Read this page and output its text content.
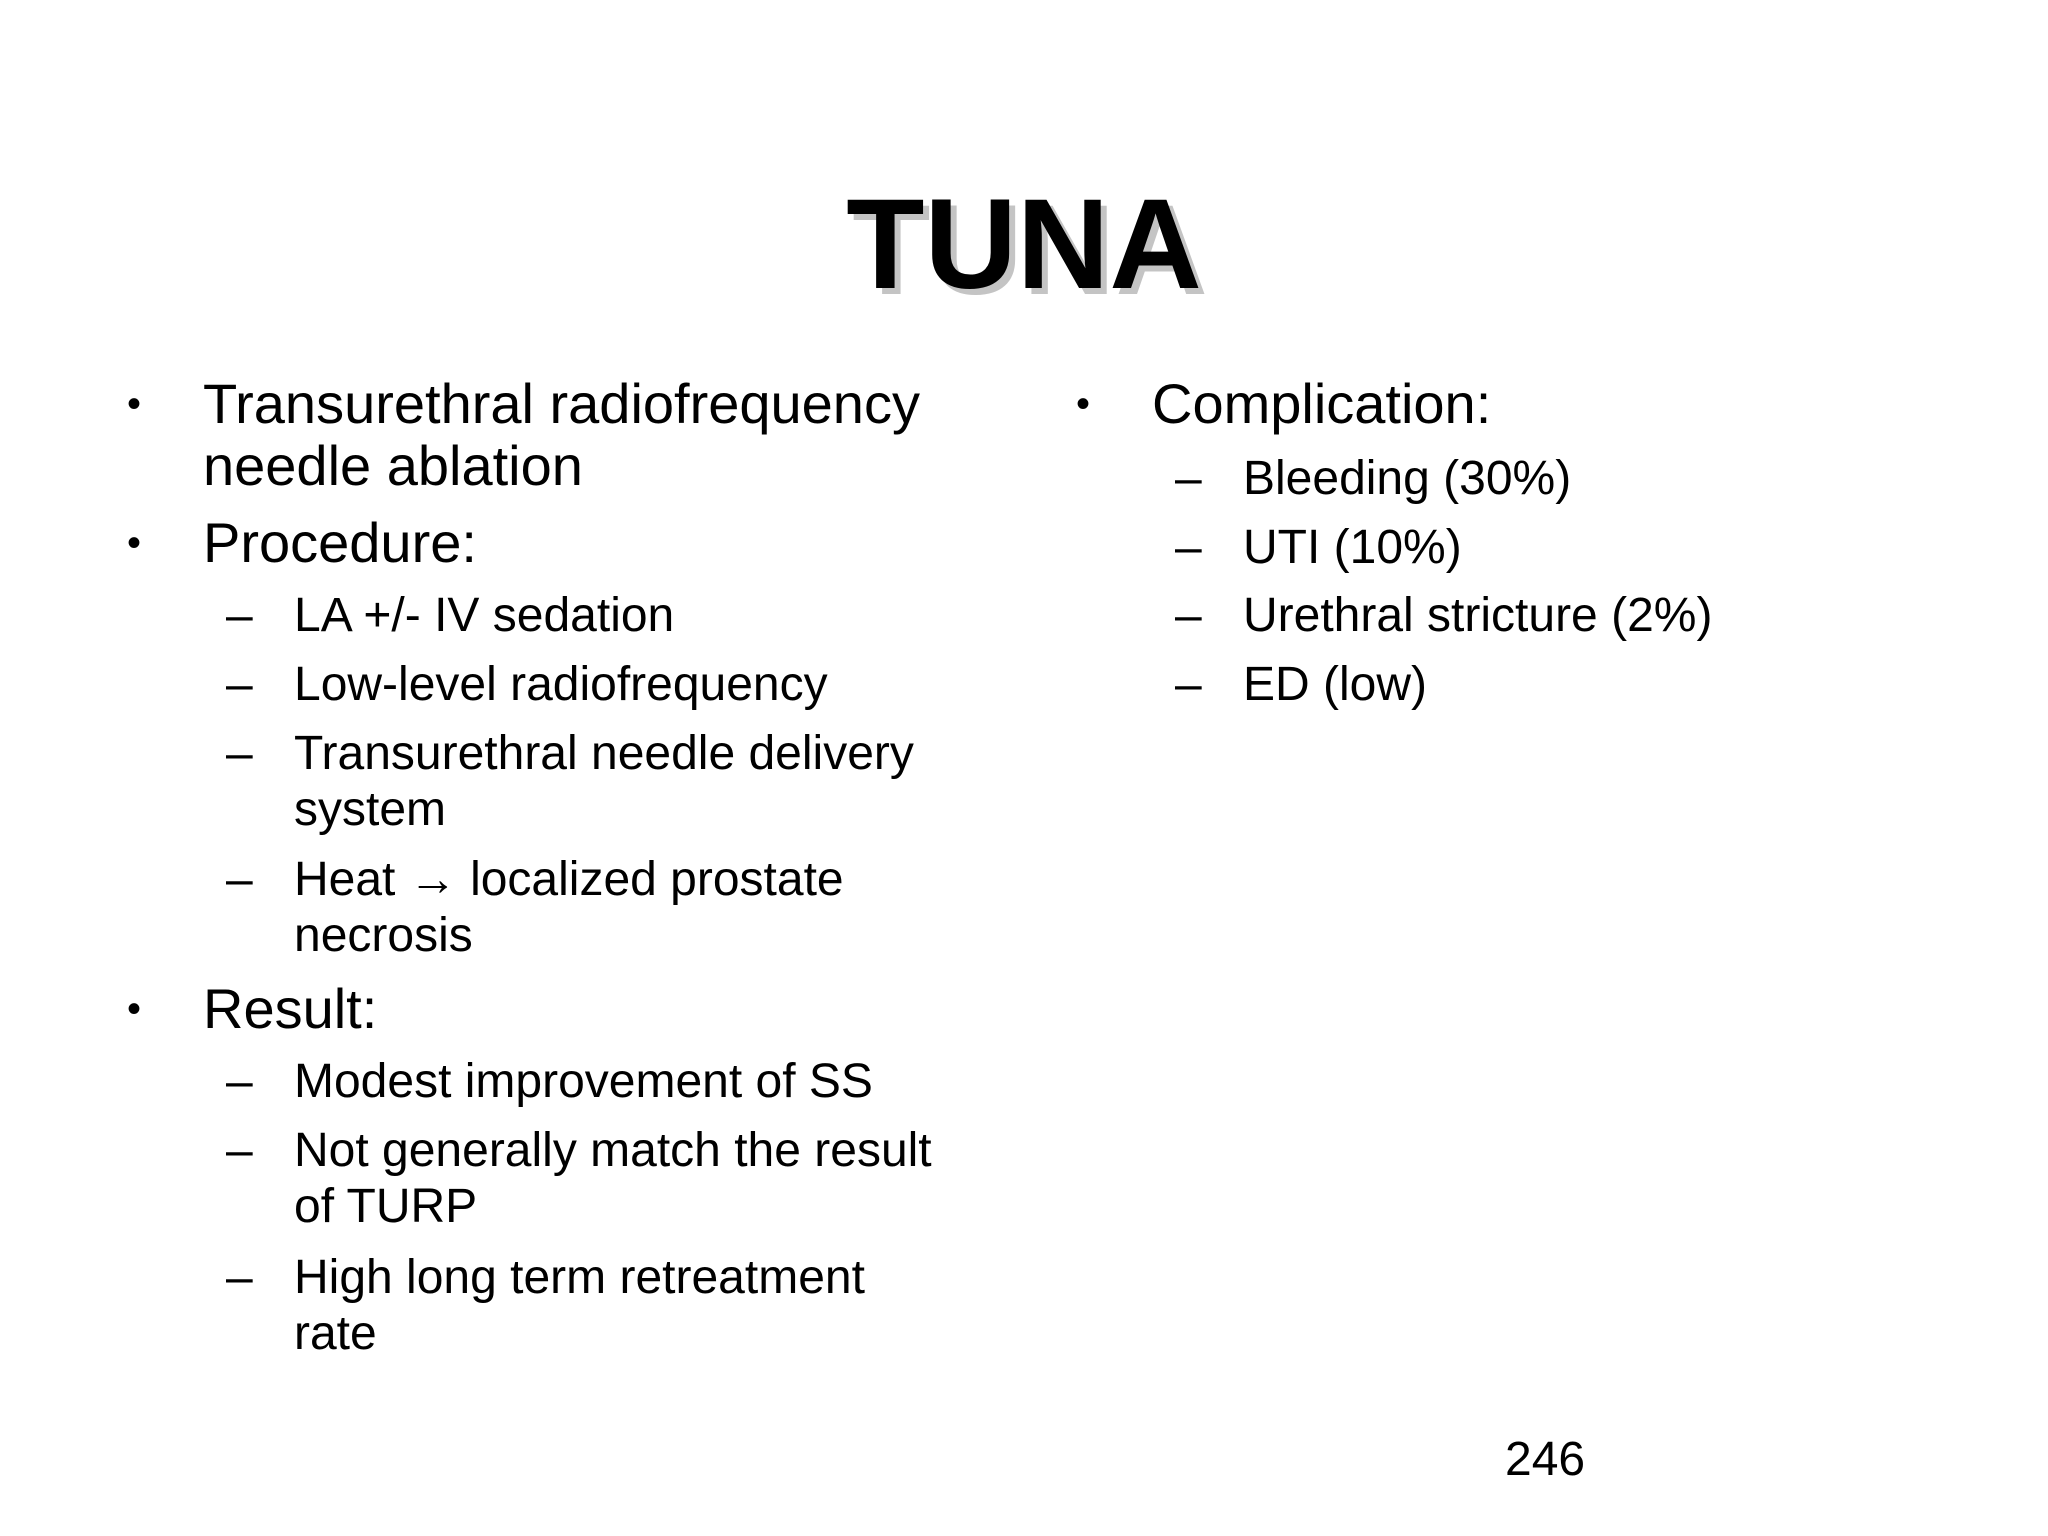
TUNA
• Transurethral radiofrequency
needle ablation
• Procedure:
– LA +/- IV sedation
– Low-level radiofrequency
– Transurethral needle delivery
system
– Heat → localized prostate
necrosis
• Result:
– Modest improvement of SS
– Not generally match the result
of TURP
– High long term retreatment
rate
• Complication:
– Bleeding (30%)
– UTI (10%)
– Urethral stricture (2%)
– ED (low)
246
